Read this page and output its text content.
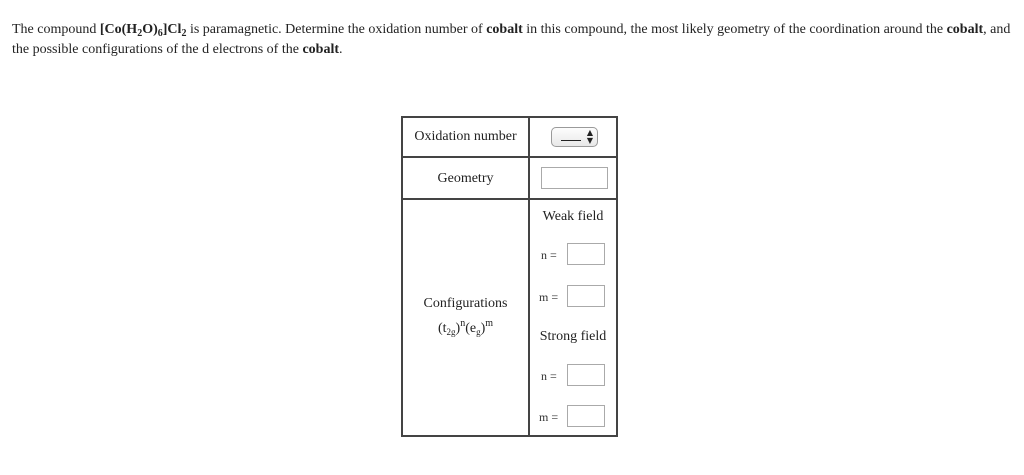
The compound $[Co(H_2O)_6]Cl_2$ is paramagnetic. Determine the oxidation number of cobalt in this compound, the most likely geometry of the coordination around the cobalt, and the possible configurations of the d electrons of the cobalt.
Oxidation number	▲
▼
Geometry
Configurations
$(t_{2g})^n(e_g)^m$
Weak field
n =
m =
Strong field
n =
m =
